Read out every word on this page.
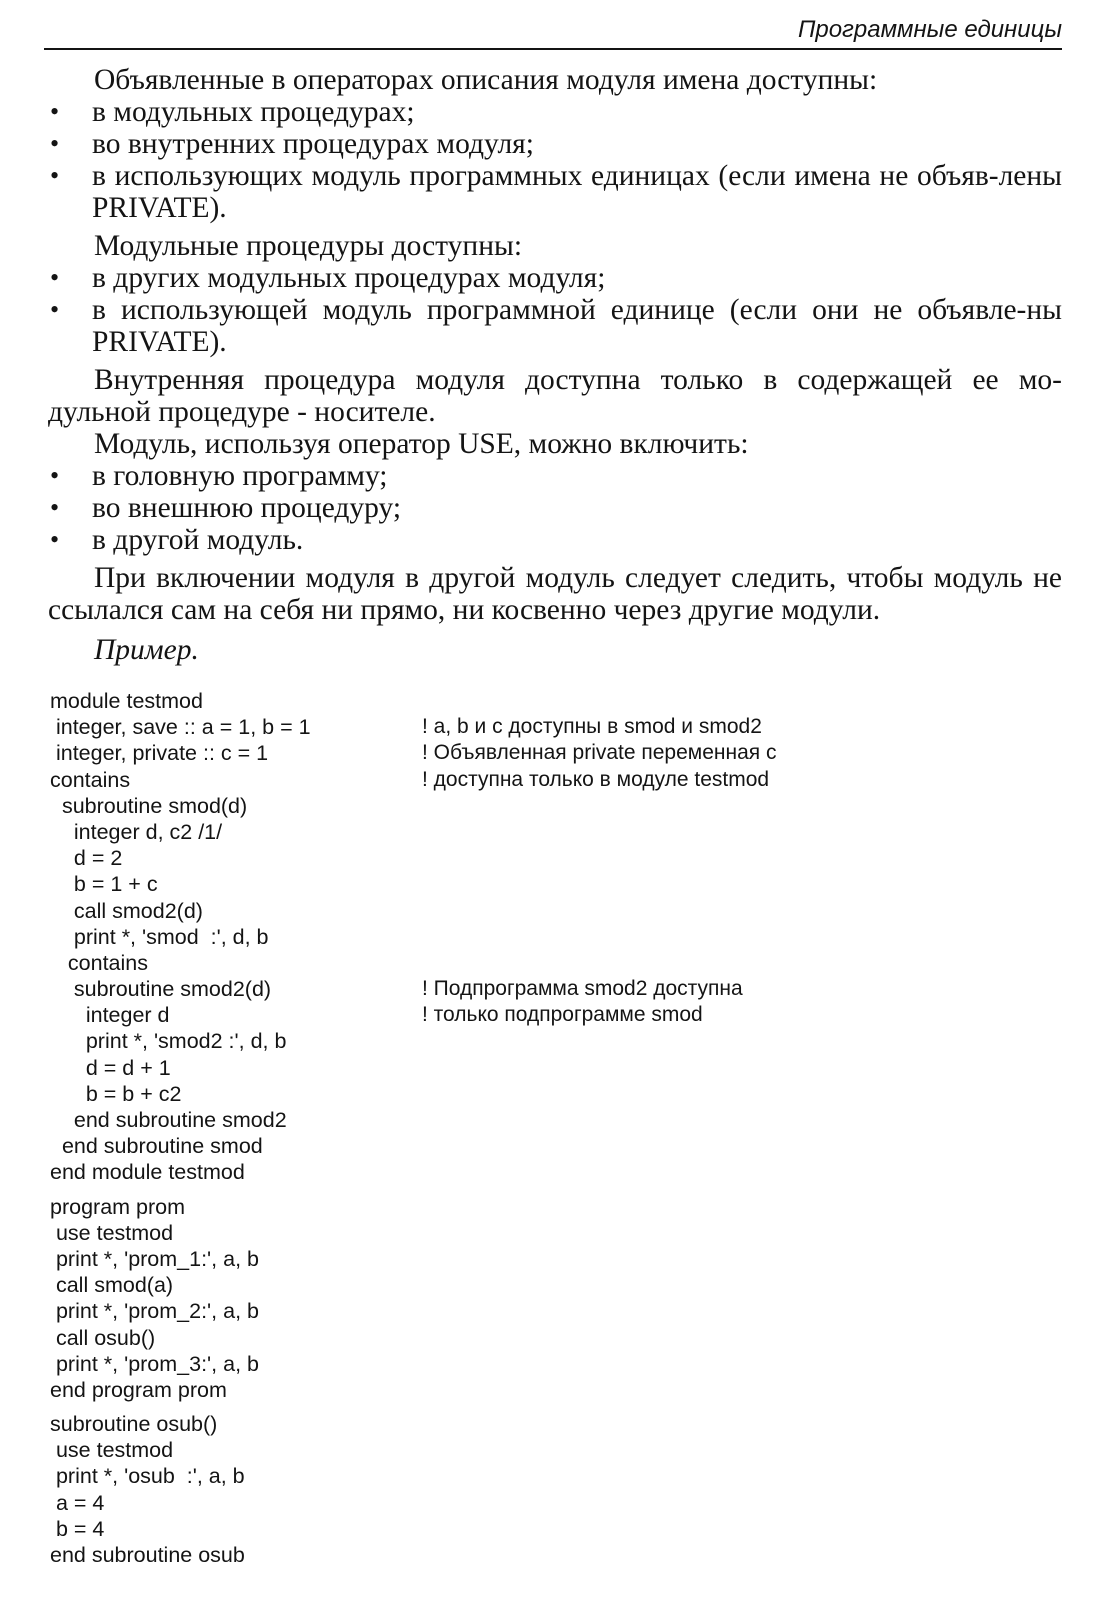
Программные единицы

Объявленные в операторах описания модуля имена доступны:

• в модульных процедурах;
• во внутренних процедурах модуля;
• в использующих модуль программных единицах (если имена не объяв-лены PRIVATE).

Модульные процедуры доступны:

• в других модульных процедурах модуля;
• в использующей модуль программной единице (если они не объявле-ны PRIVATE).

Внутренняя процедура модуля доступна только в содержащей ее мо-дульной процедуре - носителе.

Модуль, используя оператор USE, можно включить:

• в головную программу;
• во внешнюю процедуру;
• в другой модуль.

При включении модуля в другой модуль следует следить, чтобы модуль не ссылался сам на себя ни прямо, ни косвенно через другие модули.

Пример.
module testmod
integer, save :: a = 1, b = 1	! a, b и с доступны в smod и smod2
integer, private :: c = 1	! Объявленная private переменная с
contains	! доступна только в модуле testmod
subroutine smod(d)
integer d, c2 /1/
d = 2
b = 1 + c
call smod2(d)
print *, 'smod  :', d, b
contains
subroutine smod2(d)	! Подпрограмма smod2 доступна
integer d	! только подпрограмме smod
print *, 'smod2 :', d, b
d = d + 1
b = b + c2
end subroutine smod2
end subroutine smod
end module testmod
program prom
use testmod
print *, 'prom_1:', a, b
call smod(a)
print *, 'prom_2:', a, b
call osub()
print *, 'prom_3:', a, b
end program prom
subroutine osub()
use testmod
print *, 'osub  :', a, b
a = 4
b = 4
end subroutine osub
